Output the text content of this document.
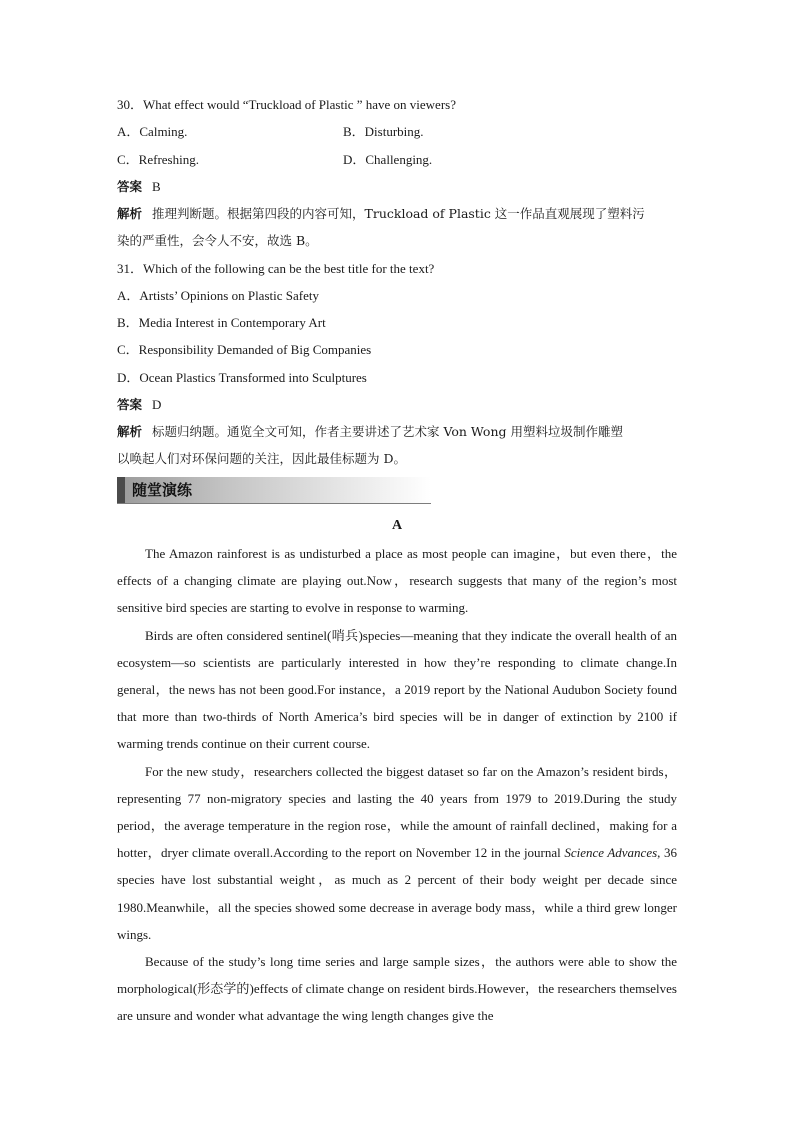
30．What effect would “Truckload of Plastic ” have on viewers?
A．Calming.	B．Disturbing.
C．Refreshing.	D．Challenging.
答案 B
解析 推理判断题。根据第四段的内容可知，Truckload of Plastic 这一作品直观展现了塑料污
染的严重性，会令人不安，故选 B。
31．Which of the following can be the best title for the text?
A．Artists’ Opinions on Plastic Safety
B．Media Interest in Contemporary Art
C．Responsibility Demanded of Big Companies
D．Ocean Plastics Transformed into Sculptures
答案 D
解析 标题归纳题。通览全文可知，作者主要讲述了艺术家 Von Wong 用塑料垃圾制作雕塑
以唤起人们对环保问题的关注，因此最佳标题为 D。
随堂演练
A

The Amazon rainforest is as undisturbed a place as most people can imagine，but even there，the effects of a changing climate are playing out.Now，research suggests that many of the region’s most sensitive bird species are starting to evolve in response to warming.

Birds are often considered sentinel(哨兵)species—meaning that they indicate the overall health of an ecosystem—so scientists are particularly interested in how they’re responding to climate change.In general，the news has not been good.For instance，a 2019 report by the National Audubon Society found that more than two-thirds of North America’s bird species will be in danger of extinction by 2100 if warming trends continue on their current course.

For the new study，researchers collected the biggest dataset so far on the Amazon’s resident birds，representing 77 non-migratory species and lasting the 40 years from 1979 to 2019.During the study period，the average temperature in the region rose，while the amount of rainfall declined，making for a hotter，dryer climate overall.According to the report on November 12 in the journal Science Advances, 36 species have lost substantial weight，as much as 2 percent of their body weight per decade since 1980.Meanwhile，all the species showed some decrease in average body mass，while a third grew longer wings.

Because of the study’s long time series and large sample sizes，the authors were able to show the morphological(形态学的)effects of climate change on resident birds.However，the researchers themselves are unsure and wonder what advantage the wing length changes give the
